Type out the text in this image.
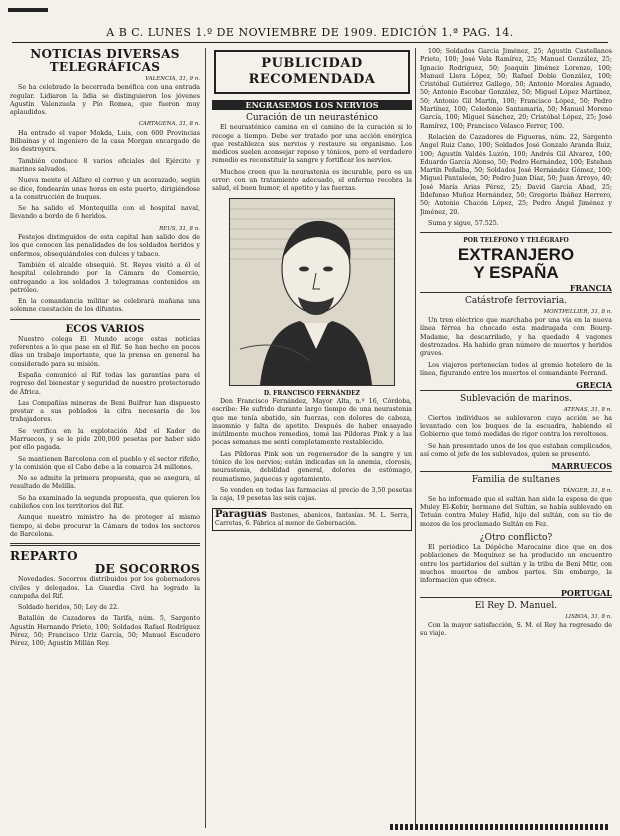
A B C. LUNES 1.º DE NOVIEMBRE DE 1909. EDICIÓN 1.ª PAG. 14.
NOTICIAS DIVERSAS
TELEGRÁFICAS
VALENCIA, 31, 9 n.

Se ha celebrado la becerrada benéfica con una entrada regular. Lidiaron la lidia se distinguieron los jóvenes Agustín Valenzuela y Pío Romea, que fueron muy aplaudidos.

CARTAGENA, 31, 8 n.

Ha entrado el vapor Mokda, Luis, con 600 Provincias Bilbaínas y el ingeniero de la casa Morgan encargado de los destroyers.

También conduce 8 varios oficiales del Ejército y marinos salvados.

Nueva mente el Alfaro el correo y un acorazado, según se dice, fondearán unas horas en este puerto, dirigiéndose a la construcción de buques.

Se ha salido el Montequilla con el hospital naval, llevando a bordo de 6 heridos.

REUS, 31, 8 n.

Festejos distinguidos de esta capital han salido dos de los que conocen las penalidades de los soldados heridos y enfermos, obsequiándoles con dulces y tabaco.

También el alcalde obsequió. St. Reyes visitó a él el hospital celebrando por la Cámara de Comercio, entregando a los soldados 3 telegramas contenidos en petróleo.

En la comandancia militar se celebrará mañana una solemne cuestación de los difuntos.

ECOS VARIOS

Nuestro colega El Mundo acoge estas noticias referentes a lo que pase en el Rif. Se han hecho en pocos días un trabajo importante, que la prensa en general ha considerado para su misión.

España comunicó al Rif todas las garantías para el regreso del bienestar y seguridad de nuestro protectorado de África.

Las Compañías mineras de Beni Buifrur han dispuesto prestar a sus poblados la cifra necesaria de los trabajadores.

Se verifica en la explotación Abd el Kader de Marruecos, y se le pide 200,000 pesetas por haber sido por ello pagada.

Se mantienen Barcelona con el pueblo y el sector rifeño, y la comisión que el Cabo debe a la comarca 24 millones.

No se admite la primera propuesta, que se asegura, al resultado de Melilla.

Se ha examinado la segunda propuesta, que quieren los cabileños con los territorios del Rif.

Aunque nuestro ministro ha de proteger al mismo tiempo, si debe procurar la Cámara de todos los sectores de Barcelona.

REPARTO
DE SOCORROS

Novedades. Socorros distribuidos por los gobernadores civiles y delegados. La Guardia Civil ha logrado la campaña del Rif.

Soldado heridos, 50; Ley de 22.

Batallón de Cazadores de Tarifa, núm. 5, Sargento Agustín Hernando Prieto, 100; Soldados Rafael Rodríguez Pérez, 50; Francisco Uriz García, 50; Manuel Escudero Pérez, 100; Agustín Millán Rey.

PUBLICIDAD
RECOMENDADA
ENGRASEMOS LOS NERVIOS
Curación de un neurasténico

El neurasténico camina en el camino de la curación si lo recoge a tiempo. Debe ser tratado por una acción enérgica que restablezca sus nervios y restaure su organismo. Los médicos suelen aconsejar reposo y tónicos, pero el verdadero remedio es reconstituir la sangre y fortificar los nervios.

Muchos creen que la neurastenia es incurable, pero es un error: con un tratamiento adecuado, el enfermo recobra la salud, el buen humor, el apetito y las fuerzas.

D. FRANCISCO FERNÁNDEZ

Don Francisco Fernández, Mayor Alta, n.º 16, Córdoba, escribe: He sufrido durante largo tiempo de una neurastenia que me tenía abatido, sin fuerzas, con dolores de cabeza, insomnio y falta de apetito. Después de haber ensayado inútilmente muchos remedios, tomé las Píldoras Pink y a las pocas semanas me sentí completamente restablecido.

Las Píldoras Pink son un regenerador de la sangre y un tónico de los nervios; están indicadas en la anemia, clorosis, neurastenia, debilidad general, dolores de estómago, reumatismo, jaquecas y agotamiento.

Se venden en todas las farmacias al precio de 3,50 pesetas la caja, 19 pesetas las seis cajas.

Paraguas Bastones, abanicos, fantasías. M. L. Serra, Carretas, 6. Fábrica al menor de Gobernación.

100; Soldados García Jiménez, 25; Agustín Castellanos Prieto, 100; José Vela Ramírez, 25; Manuel González, 25; Ignacio Rodríguez, 50; Joaquín Jiménez Lorenzo, 100; Manuel Llera López, 50; Rafael Doble González, 100; Cristóbal Gutiérrez Gallego, 50; Antonio Morales Aguado, 50; Antonio Escobar González, 50; Miguel López Martínez, 50; Antonio Gil Martín, 100; Francisco López, 50; Pedro Martínez, 100; Celedonio Santamaría, 50; Manuel Moreno García, 100; Miguel Sánchez, 20; Cristóbal López, 25; José Ramírez, 100; Francisco Velasco Ferrer, 100.

Relación de Cazadores de Figueras, núm. 22, Sargento Angel Ruiz Cano, 100; Soldados José Gonzalo Aranda Ruiz, 100; Agustín Valdés Luzón, 100; Andrés Gil Alvarez, 100; Eduardo García Alonso, 50; Pedro Hernández, 100; Esteban Martín Peñalba, 50; Soldados José Hernández Gómez, 100; Miguel Pantaleón, 50; Pedro Juan Díaz, 50; Juan Arroyo, 40; José María Arias Pérez, 25; David García Abad, 25; Ildefonso Muñoz Hernández, 50; Gregorio Ibáñez Herrero, 50; Antonio Chacón López, 25; Pedro Ángel Jiménez y Jiménez, 20.

Suma y sigue, 57.525.

POR TELÉFONO Y TELÉGRAFO
EXTRANJERO
Y ESPAÑA
FRANCIA
Catástrofe ferroviaria.
MONTPELLIER, 31, 8 n.

Un tren eléctrico que marchaba por una vía en la nueva línea férrea ha chocado esta madrugada con Bourg-Madame, ha descarrilado, y ha quedado 4 vagones destrozados. Ha habido gran número de muertos y heridos graves.

Los viajeros pertenecían todos al gremio hotelero de la línea, figurando entre los muertos el comandante Ferrand.

GRECIA
Sublevación de marinos.
ATENAS, 31, 8 n.

Ciertos individuos se sublevaron cuya acción se ha levantado con los buques de la escuadra, habiendo el Gobierno que tomó medidas de rigor contra los revoltosos.

Se han presentado unos de los que estaban complicados, así como el jefe de los sublevados, quien se presentó.

MARRUECOS
Familia de sultanes
TÁNGER, 31, 8 n.

Se ha informado que el sultán han sido la esposa de que Muley El-Kebir, hermano del Sultán, se había sublevado en Tetuán contra Muley Hafid, hijo del sultán, con su tío de mozos de los proclamado Sultán en Fez.

¿Otro conflicto?

El periódico La Dépêche Marocaine dice que en dos poblaciones de Mequinez se ha producido un encuentro entre los partidarios del sultán y la tribu de Beni Mtir, con muchos muertos de ambos partes. Sin embargo, la información que ofrece.

PORTUGAL
El Rey D. Manuel.
LISBOA, 31, 8 n.

Con la mayor satisfacción, S. M. el Rey ha regresado de su viaje.
